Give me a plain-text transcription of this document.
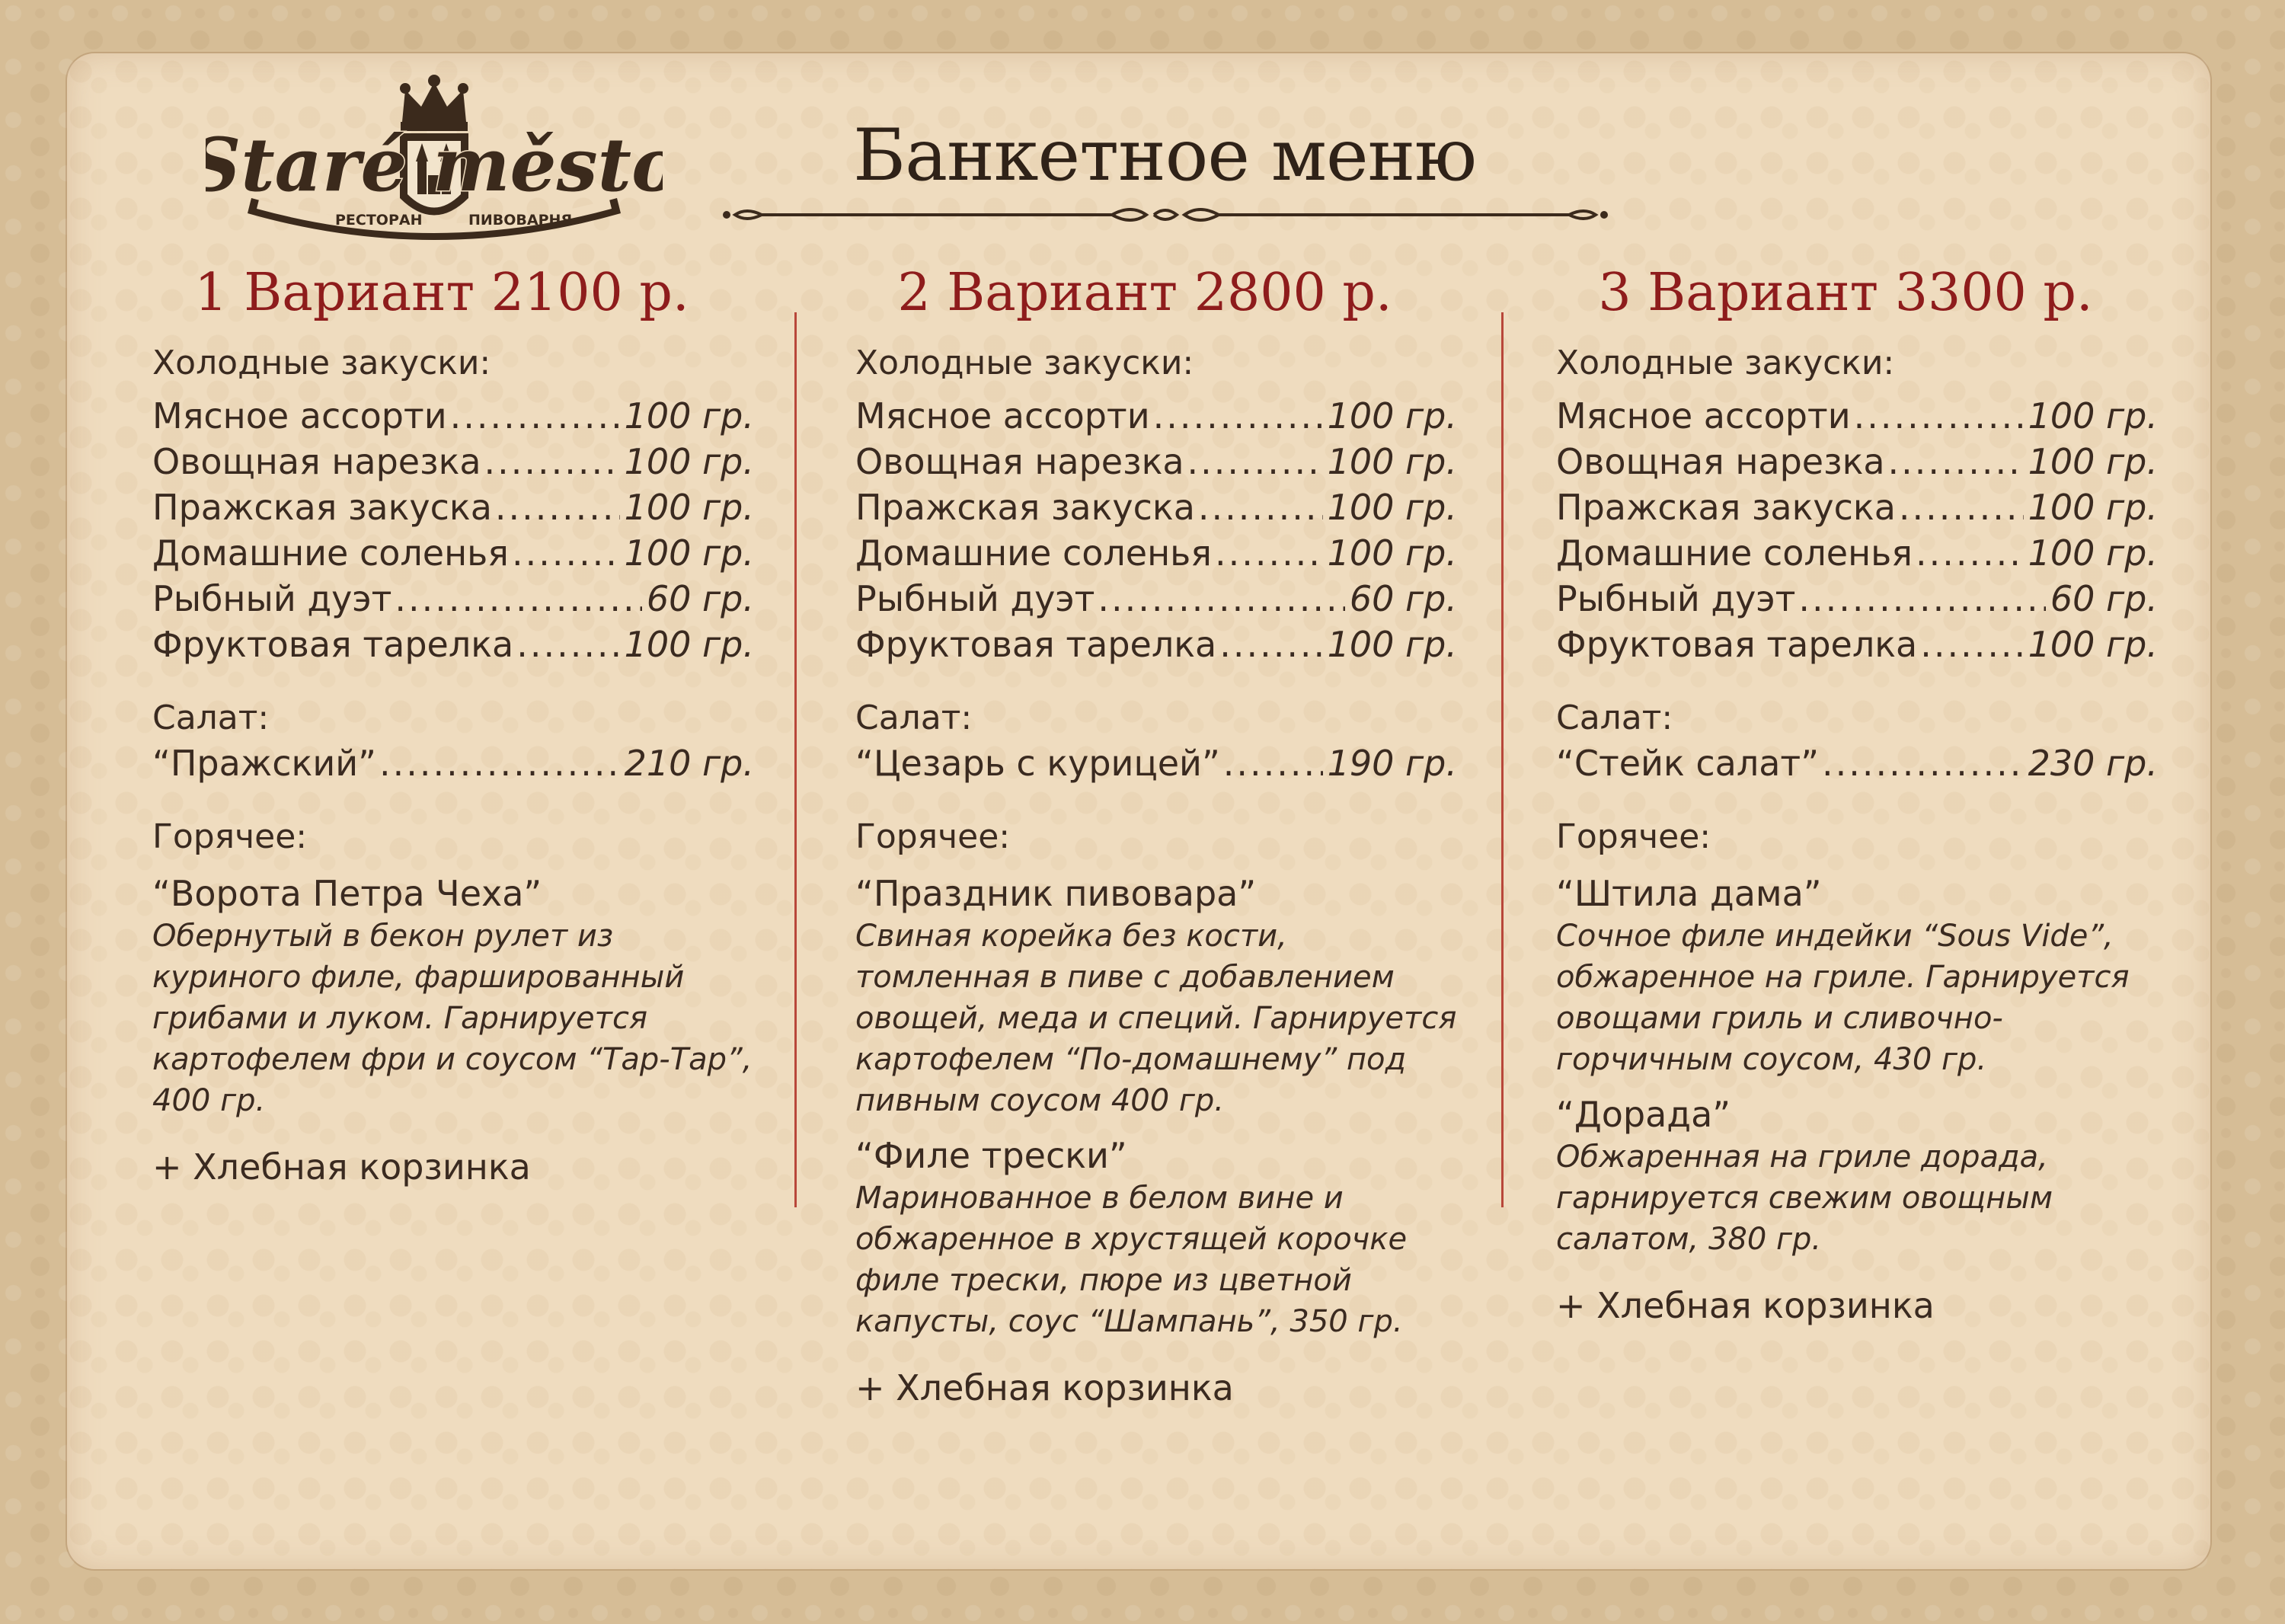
РЕСТОРАН	ПИВОВАРНЯ
Staré město Банкетное меню
1 Вариант 2100 р.
Холодные закуски:
Мясное ассорти .....	100 гр.
Овощная нарезка .....	100 гр.
Пражская закуска .....	100 гр.
Домашние соленья .....	100 гр.
Рыбный дуэт .....	60 гр.
Фруктовая тарелка .....	100 гр.
Салат:
“Пражский” .....	210 гр.
Горячее:
“Ворота Петра Чеха”
Обернутый в бекон рулет из куриного филе, фаршированный грибами и луком. Гарнируется картофелем фри и соусом “Тар-Тар”, 400 гр.
+ Хлебная корзинка
2 Вариант 2800 р.
Холодные закуски:
Мясное ассорти .....	100 гр.
Овощная нарезка .....	100 гр.
Пражская закуска .....	100 гр.
Домашние соленья .....	100 гр.
Рыбный дуэт .....	60 гр.
Фруктовая тарелка .....	100 гр.
Салат:
“Цезарь с курицей” .....	190 гр.
Горячее:
“Праздник пивовара”
Свиная корейка без кости, томленная в пиве с добавлением овощей, меда и специй. Гарнируется картофелем “По-домашнему” под пивным соусом 400 гр.
“Филе трески”
Маринованное в белом вине и обжаренное в хрустящей корочке филе трески, пюре из цветной капусты, соус “Шампань”, 350 гр.
+ Хлебная корзинка
3 Вариант 3300 р.
Холодные закуски:
Мясное ассорти .....	100 гр.
Овощная нарезка .....	100 гр.
Пражская закуска .....	100 гр.
Домашние соленья .....	100 гр.
Рыбный дуэт .....	60 гр.
Фруктовая тарелка .....	100 гр.
Салат:
“Стейк салат” .....	230 гр.
Горячее:
“Штила дама”
Сочное филе индейки “Sous Vide”, обжаренное на гриле. Гарнируется овощами гриль и сливочно-горчичным соусом, 430 гр.
“Дорада”
Обжаренная на гриле дорада, гарнируется свежим овощным салатом, 380 гр.
+ Хлебная корзинка
